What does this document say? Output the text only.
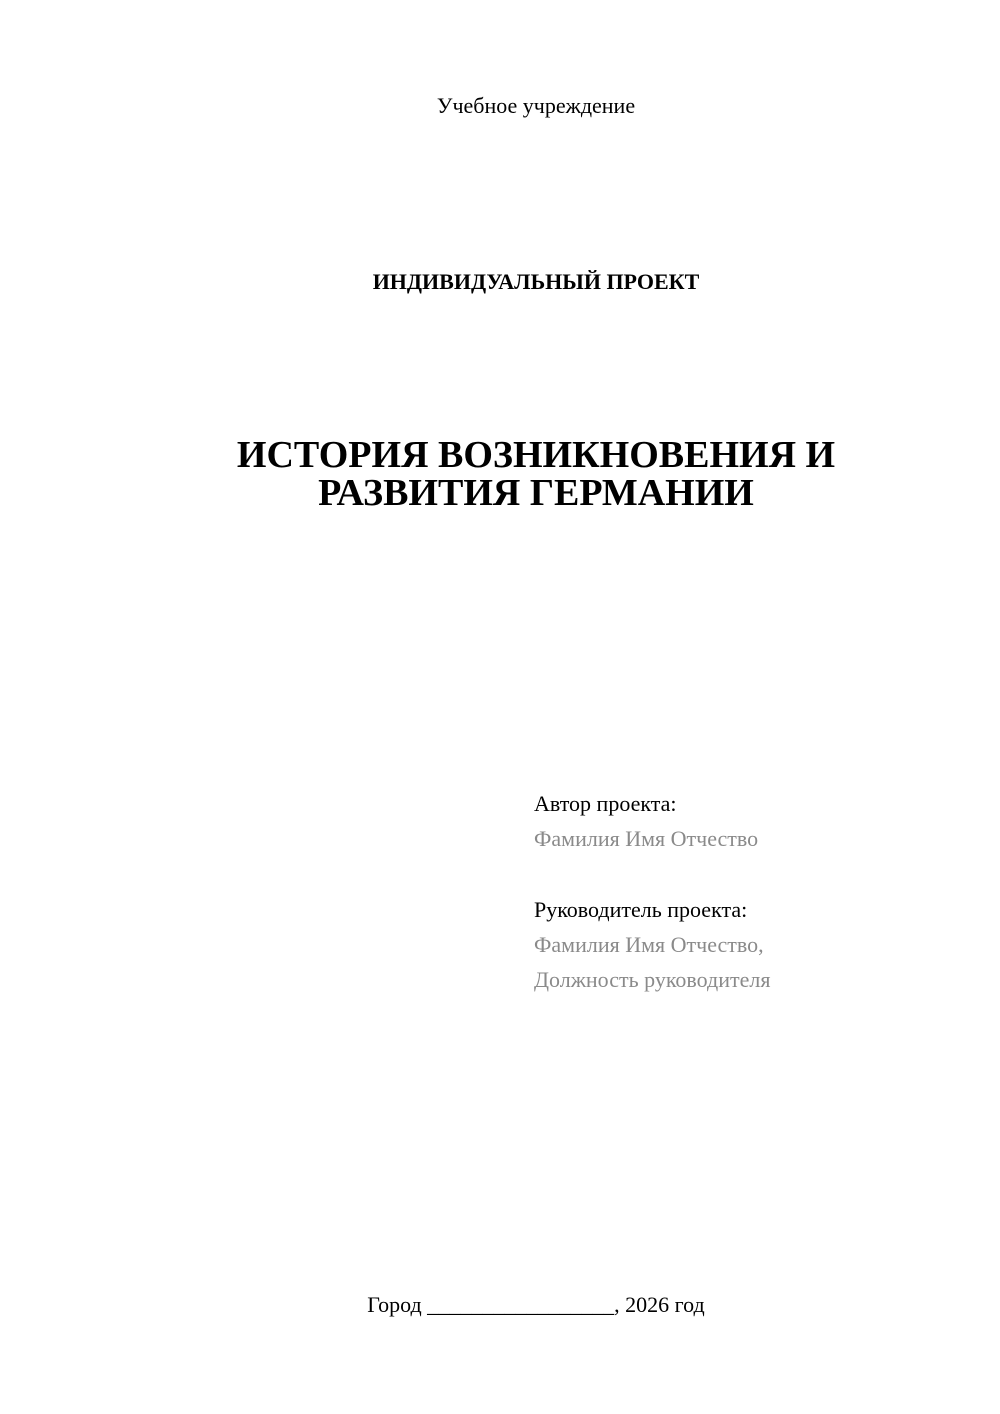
Учебное учреждение
ИНДИВИДУАЛЬНЫЙ ПРОЕКТ
ИСТОРИЯ ВОЗНИКНОВЕНИЯ И
РАЗВИТИЯ ГЕРМАНИИ
Автор проекта:
Фамилия Имя Отчество
Руководитель проекта:
Фамилия Имя Отчество,
Должность руководителя
Город _________________, 2026 год
